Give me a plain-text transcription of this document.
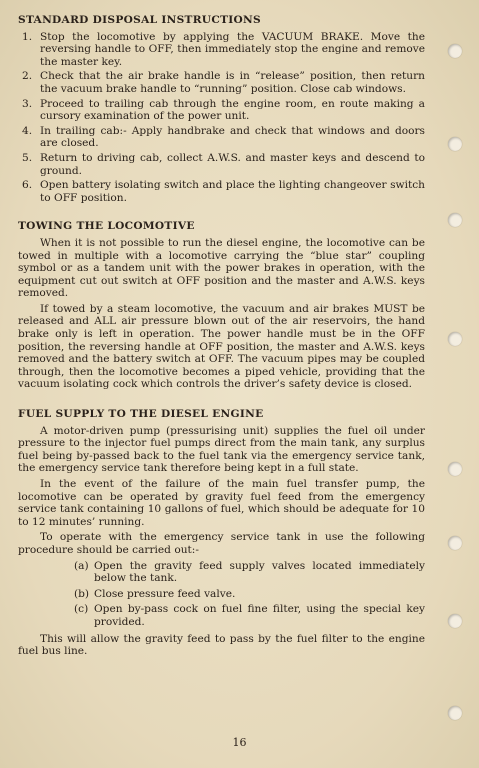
STANDARD DISPOSAL INSTRUCTIONS
1. Stop the locomotive by applying the VACUUM BRAKE. Move the reversing handle to OFF, then immediately stop the engine and remove the master key.
2. Check that the air brake handle is in “release” position, then return the vacuum brake handle to “running” position. Close cab windows.
3. Proceed to trailing cab through the engine room, en route making a cursory examination of the power unit.
4. In trailing cab:- Apply handbrake and check that windows and doors are closed.
5. Return to driving cab, collect A.W.S. and master keys and descend to ground.
6. Open battery isolating switch and place the lighting changeover switch to OFF position.
TOWING THE LOCOMOTIVE

When it is not possible to run the diesel engine, the locomotive can be towed in multiple with a locomotive carrying the “blue star” coupling symbol or as a tandem unit with the power brakes in operation, with the equipment cut out switch at OFF position and the master and A.W.S. keys removed.

If towed by a steam locomotive, the vacuum and air brakes MUST be released and ALL air pressure blown out of the air reservoirs, the hand brake only is left in operation. The power handle must be in the OFF position, the reversing handle at OFF position, the master and A.W.S. keys removed and the battery switch at OFF. The vacuum pipes may be coupled through, then the locomotive becomes a piped vehicle, providing that the vacuum isolating cock which controls the driver’s safety device is closed.

FUEL SUPPLY TO THE DIESEL ENGINE

A motor-driven pump (pressurising unit) supplies the fuel oil under pressure to the injector fuel pumps direct from the main tank, any surplus fuel being by-passed back to the fuel tank via the emergency service tank, the emergency service tank therefore being kept in a full state.

In the event of the failure of the main fuel transfer pump, the locomotive can be operated by gravity fuel feed from the emergency service tank containing 10 gallons of fuel, which should be adequate for 10 to 12 minutes’ running.

To operate with the emergency service tank in use the following procedure should be carried out:-

(a) Open the gravity feed supply valves located immediately below the tank.
(b) Close pressure feed valve.
(c) Open by-pass cock on fuel fine filter, using the special key provided.

This will allow the gravity feed to pass by the fuel filter to the engine fuel bus line.

16
